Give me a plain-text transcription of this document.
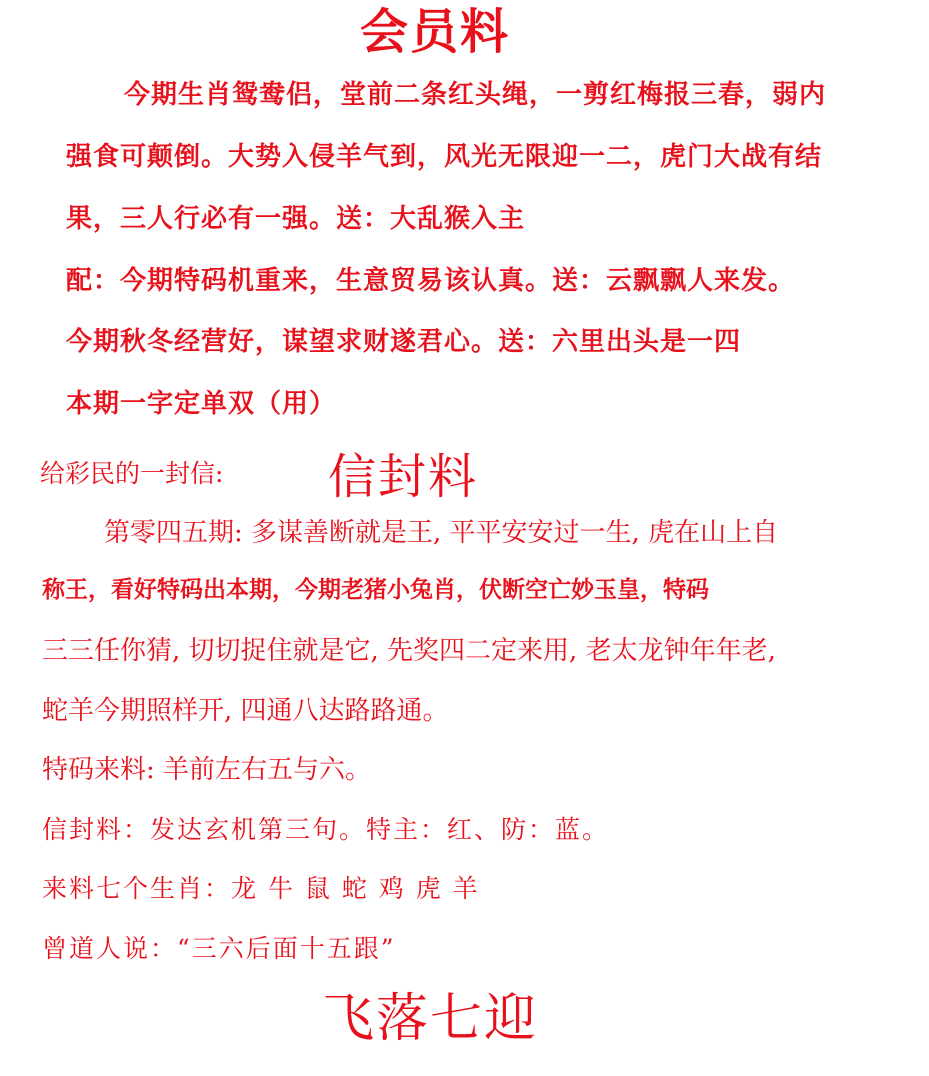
会员料
今期生肖鸳鸯侣，堂前二条红头绳，一剪红梅报三春，弱内
强食可颠倒。大势入侵羊气到，风光无限迎一二，虎门大战有结
果，三人行必有一强。送：大乱猴入主
配：今期特码机重来，生意贸易该认真。送：云飘飘人来发。
今期秋冬经营好，谋望求财遂君心。送：六里出头是一四
本期一字定单双（用）
给彩民的一封信: 信封料
第零四五期: 多谋善断就是王, 平平安安过一生, 虎在山上自
称王，看好特码出本期，今期老猪小兔肖，伏断空亡妙玉皇，特码
三三任你猜, 切切捉住就是它, 先奖四二定来用, 老太龙钟年年老,
蛇羊今期照样开, 四通八达路路通。
特码来料: 羊前左右五与六。
信封料：发达玄机第三句。特主：红、防：蓝。
来料七个生肖：龙 牛 鼠 蛇 鸡 虎 羊
曾道人说：“三六后面十五跟”
飞落七迎
